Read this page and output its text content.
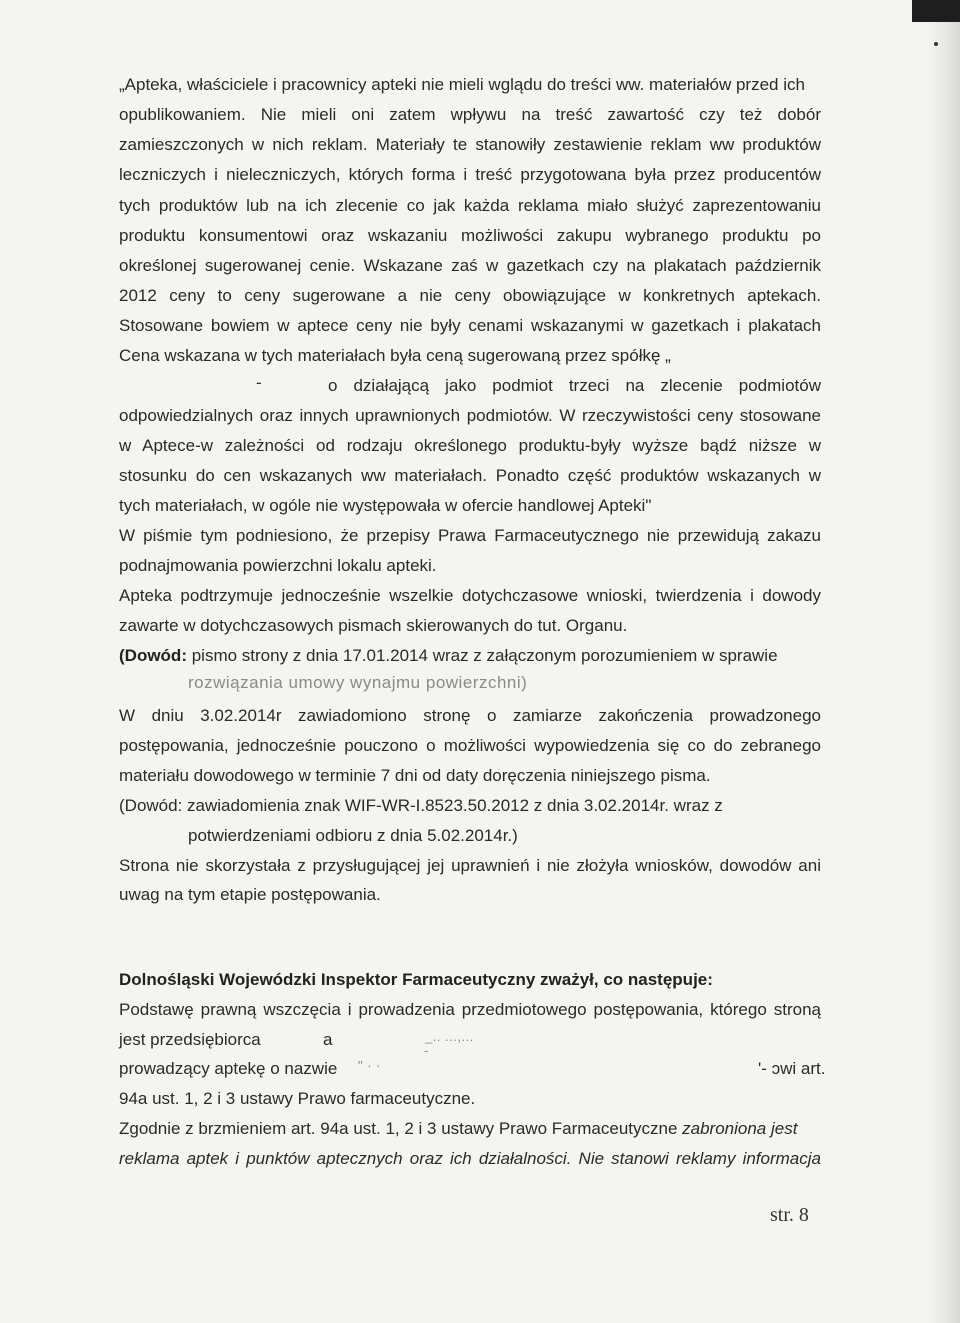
„Apteka, właściciele i pracownicy apteki nie mieli wglądu do treści ww. materiałów przed ich
opublikowaniem. Nie mieli oni zatem wpływu na treść zawartość czy też dobór
zamieszczonych w nich reklam. Materiały te stanowiły zestawienie reklam ww produktów
leczniczych i nieleczniczych, których forma i treść przygotowana była przez producentów
tych produktów lub na ich zlecenie co jak każda reklama miało służyć zaprezentowaniu
produktu konsumentowi oraz wskazaniu możliwości zakupu wybranego produktu po
określonej sugerowanej cenie. Wskazane zaś w gazetkach czy na plakatach październik
2012 ceny to ceny sugerowane a nie ceny obowiązujące w konkretnych aptekach.
Stosowane bowiem w aptece ceny nie były cenami wskazanymi w gazetkach i plakatach
Cena wskazana w tych materiałach była ceną sugerowaną przez spółkę „
-	o działającą jako podmiot trzeci na zlecenie podmiotów
odpowiedzialnych oraz innych uprawnionych podmiotów. W rzeczywistości ceny stosowane
w Aptece-w zależności od rodzaju określonego produktu-były wyższe bądź niższe w
stosunku do cen wskazanych ww materiałach. Ponadto część produktów wskazanych w
tych materiałach, w ogóle nie występowała w ofercie handlowej Apteki"
W piśmie tym podniesiono, że przepisy Prawa Farmaceutycznego nie przewidują zakazu
podnajmowania powierzchni lokalu apteki.
Apteka podtrzymuje jednocześnie wszelkie dotychczasowe wnioski, twierdzenia i dowody
zawarte w dotychczasowych pismach skierowanych do tut. Organu.
(Dowód: pismo strony z dnia 17.01.2014 wraz z załączonym porozumieniem w sprawie
rozwiązania umowy wynajmu powierzchni)
W dniu 3.02.2014r zawiadomiono stronę o zamiarze zakończenia prowadzonego
postępowania, jednocześnie pouczono o możliwości wypowiedzenia się co do zebranego
materiału dowodowego w terminie 7 dni od daty doręczenia niniejszego pisma.
(Dowód: zawiadomienia znak WIF-WR-I.8523.50.2012 z dnia 3.02.2014r. wraz z
potwierdzeniami odbioru z dnia 5.02.2014r.)
Strona nie skorzystała z przysługującej jej uprawnień i nie złożyła wniosków, dowodów ani
uwag na tym etapie postępowania.
Dolnośląski Wojewódzki Inspektor Farmaceutyczny zważył, co następuje:
Podstawę prawną wszczęcia i prowadzenia przedmiotowego postępowania, którego stroną
jest przedsiębiorca	a	_.. ...,...
prowadzący aptekę o nazwie	" · ·
-
'- ɔwi art.
94a ust. 1, 2 i 3 ustawy Prawo farmaceutyczne.
Zgodnie z brzmieniem art. 94a ust. 1, 2 i 3 ustawy Prawo Farmaceutyczne zabroniona jest
reklama aptek i punktów aptecznych oraz ich działalności. Nie stanowi reklamy informacja
str. 8
